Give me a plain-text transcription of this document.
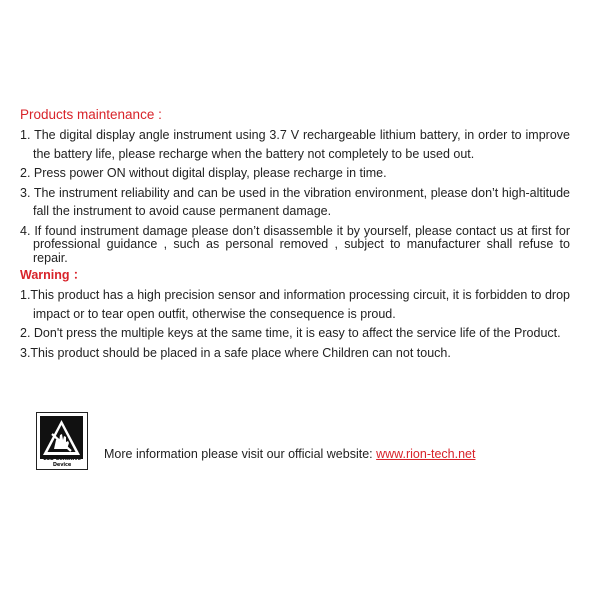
Products maintenance :

1. The digital display angle instrument using 3.7 V rechargeable lithium battery, in order to improve the battery life, please recharge when the battery not completely to be used out.

2. Press power ON without digital display, please recharge in time.

3. The instrument reliability and can be used in the vibration environment, please don’t high-altitude fall the instrument to avoid cause permanent damage.

4. If found instrument damage please don’t disassemble it by yourself, please contact us at first for professional guidance , such as personal removed , subject to manufacturer shall refuse to repair.

Warning ：

1.This product has a high precision sensor and information processing circuit, it is forbidden to drop impact or to tear open outfit, otherwise the consequence is proud.

2. Don't press the multiple keys at the same time, it is easy to affect the service life of the Product.

3.This product should be placed in a safe place where Children can not touch.

ESD Sensitive Device
More information please visit our official website: www.rion-tech.net
